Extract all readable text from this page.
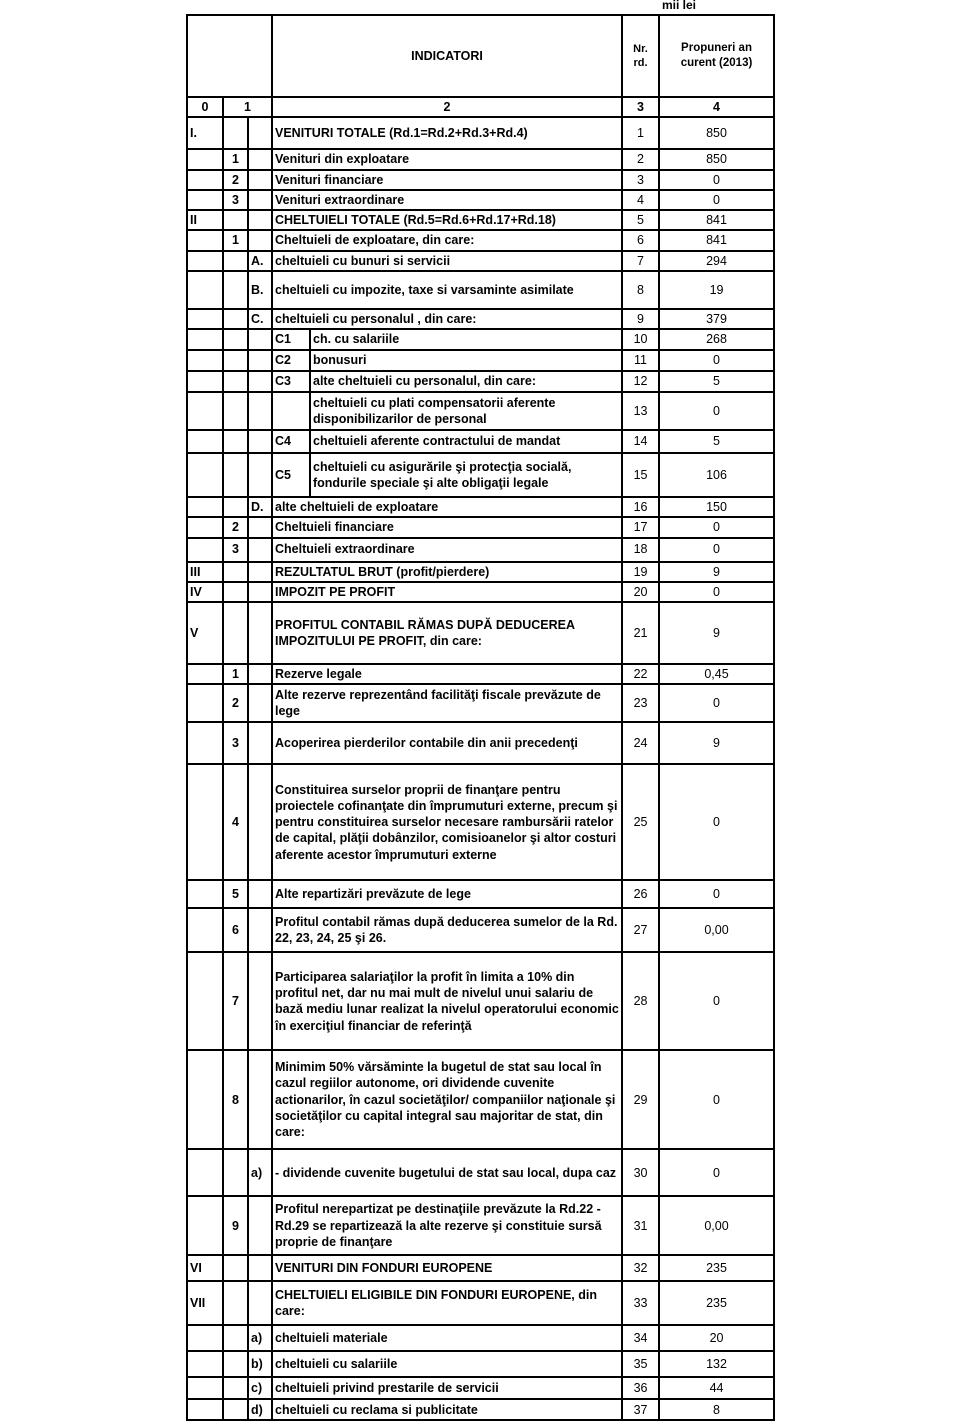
mii lei
			INDICATORI		Nr. rd.	Propuneri an curent (2013)
0	1		2		3	4
I.			VENITURI TOTALE (Rd.1=Rd.2+Rd.3+Rd.4)		1	850
	1		Venituri din exploatare		2	850
	2		Venituri financiare		3	0
	3		Venituri extraordinare		4	0
II			CHELTUIELI TOTALE (Rd.5=Rd.6+Rd.17+Rd.18)		5	841
	1		Cheltuieli de exploatare, din care:		6	841
		A.	cheltuieli cu bunuri si servicii		7	294
		B.	cheltuieli cu impozite, taxe si varsaminte asimilate		8	19
		C.	cheltuieli cu personalul , din care:		9	379
			C1	ch. cu salariile	10	268
			C2	bonusuri	11	0
			C3	alte cheltuieli cu personalul, din care:	12	5
				cheltuieli cu plati compensatorii aferente disponibilizarilor de personal	13	0
			C4	cheltuieli aferente contractului de mandat	14	5
			C5	cheltuieli cu asigurările şi protecţia socială, fondurile speciale şi alte obligaţii legale	15	106
		D.	alte cheltuieli de exploatare		16	150
	2		Cheltuieli financiare		17	0
	3		Cheltuieli extraordinare		18	0
III			REZULTATUL BRUT (profit/pierdere)		19	9
IV			IMPOZIT PE PROFIT		20	0
V			PROFITUL CONTABIL RĂMAS DUPĂ DEDUCEREA IMPOZITULUI PE PROFIT, din care:		21	9
	1		Rezerve legale		22	0,45
	2		Alte rezerve reprezentând facilităţi fiscale prevăzute de lege		23	0
	3		Acoperirea pierderilor contabile din anii precedenţi		24	9
	4		Constituirea surselor proprii de finanţare pentru proiectele cofinanţate din împrumuturi externe, precum şi pentru constituirea surselor necesare rambursării ratelor de capital, plăţii dobânzilor, comisioanelor şi altor costuri aferente acestor împrumuturi externe		25	0
	5		Alte repartizări prevăzute de lege		26	0
	6		Profitul contabil rămas după deducerea sumelor de la Rd. 22, 23, 24, 25 şi 26.		27	0,00
	7		Participarea salariaţilor la profit în limita a 10% din profitul net, dar nu mai mult de nivelul unui salariu de bază mediu lunar realizat la nivelul operatorului economic în exerciţiul financiar de referinţă		28	0
	8		Minimim 50% vărsăminte la bugetul de stat sau local în cazul regiilor autonome, ori dividende cuvenite actionarilor, în cazul societăţilor/ companiilor naţionale şi societăţilor cu capital integral sau majoritar de stat, din care:		29	0
		a)	- dividende cuvenite bugetului de stat sau local, dupa caz		30	0
	9		Profitul nerepartizat pe destinaţiile prevăzute la Rd.22 - Rd.29 se repartizează la alte rezerve şi constituie sursă proprie de finanţare		31	0,00
VI			VENITURI DIN FONDURI EUROPENE		32	235
VII			CHELTUIELI ELIGIBILE DIN FONDURI EUROPENE, din care:		33	235
		a)	cheltuieli materiale		34	20
		b)	cheltuieli cu salariile		35	132
		c)	cheltuieli privind prestarile de servicii		36	44
		d)	cheltuieli cu reclama si publicitate		37	8
